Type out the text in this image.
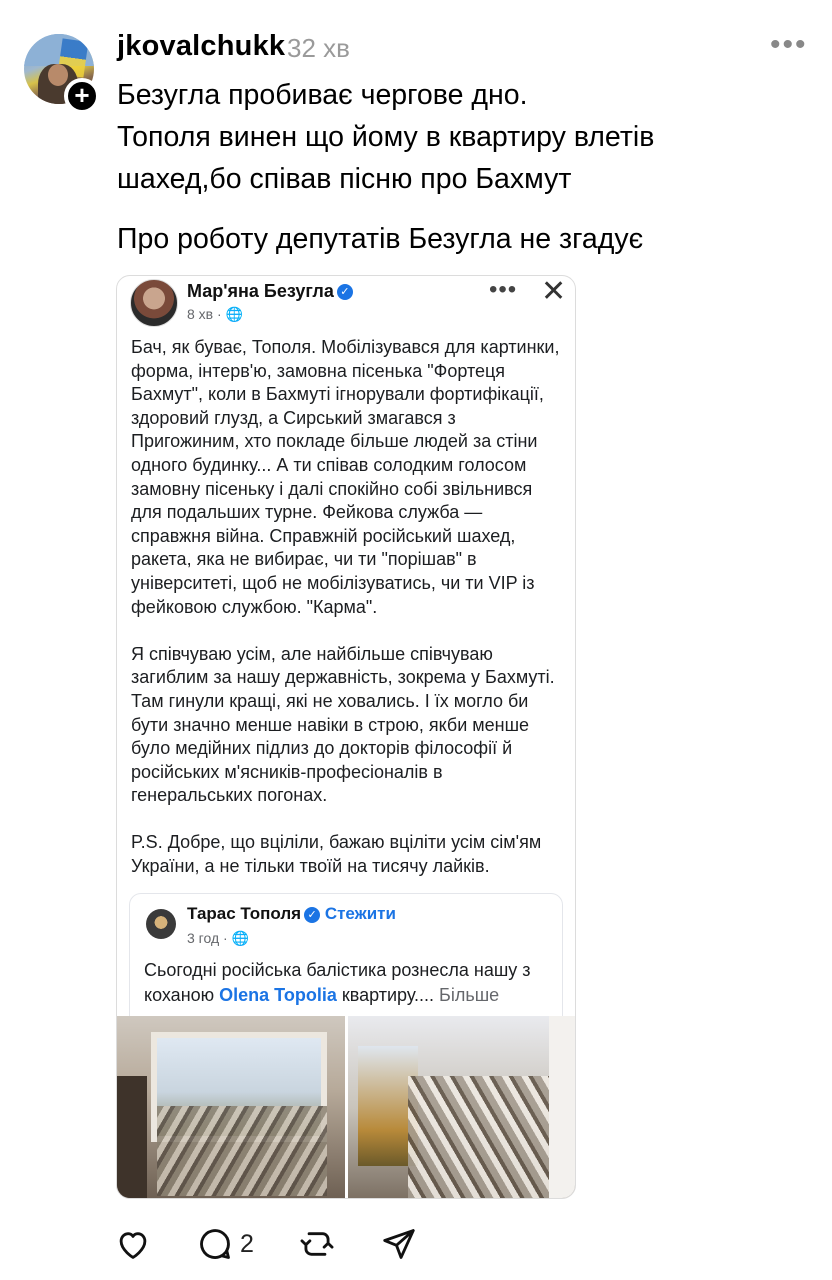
+
jkovalchukk 32 хв	•••
Безугла пробиває чергове дно.
Тополя винен що йому в квартиру влетів
шахед,бо співав пісню про Бахмут
Про роботу депутатів Безугла не згадує
Мар'яна Безугла ✓
8 хв · 🌐
••• ✕

Бач, як буває, Тополя. Мобілізувався для картинки, форма, інтерв'ю, замовна пісенька "Фортеця Бахмут", коли в Бахмуті ігнорували фортифікації, здоровий глузд, а Сирський змагався з Пригожиним, хто покладе більше людей за стіни одного будинку... А ти співав солодким голосом замовну пісеньку і далі спокійно собі звільнився для подальших турне. Фейкова служба — справжня війна. Справжній російський шахед, ракета, яка не вибирає, чи ти "порішав" в університеті, щоб не мобілізуватись, чи ти VIP із фейковою службою. "Карма".

Я співчуваю усім, але найбільше співчуваю загиблим за нашу державність, зокрема у Бахмуті. Там гинули кращі, які не ховались. І їх могло би бути значно менше навіки в строю, якби менше було медійних підлиз до докторів філософії й російських м'ясників-професіоналів в генеральських погонах.

P.S. Добре, що вціліли, бажаю вціліти усім сім'ям України, а не тільки твоїй на тисячу лайків.

Тарас Тополя ✓ Стежити
3 год · 🌐
Сьогодні російська балістика рознесла нашу з коханою Olena Topolia квартиру.... Більше
2
